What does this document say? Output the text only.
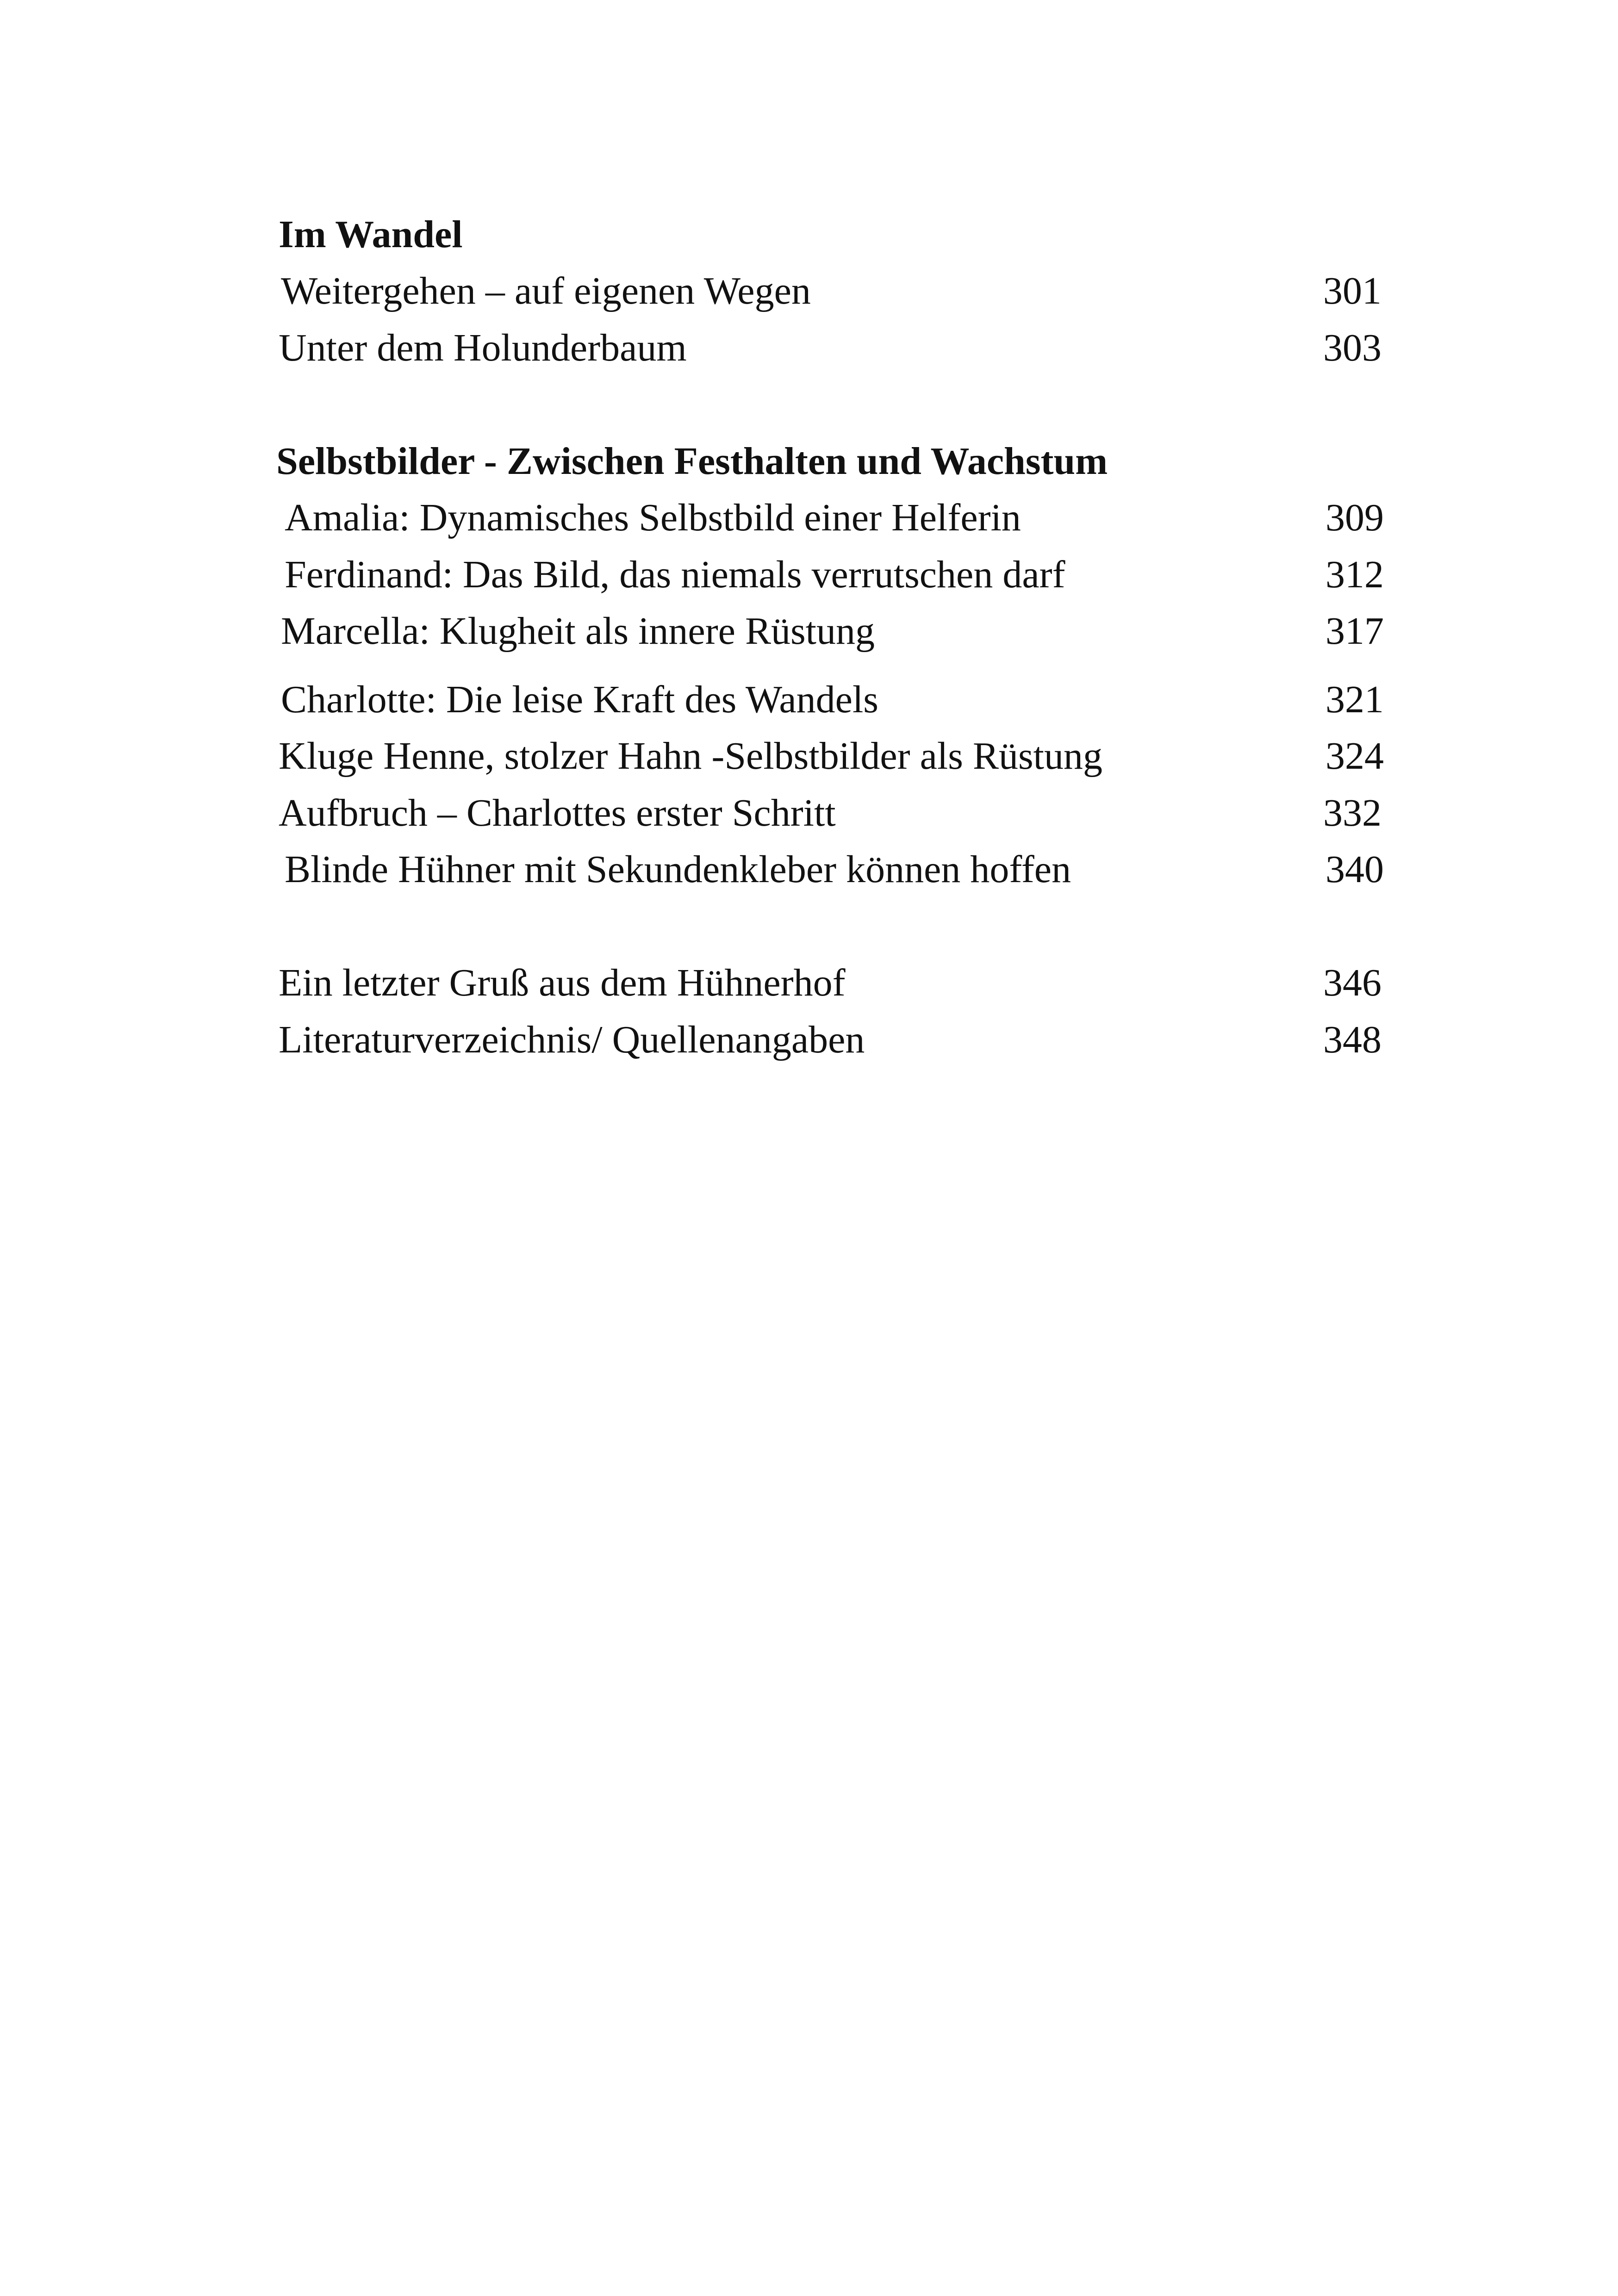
Im Wandel
Weitergehen – auf eigenen Wegen	301
Unter dem Holunderbaum	303
Selbstbilder - Zwischen Festhalten und Wachstum
Amalia: Dynamisches Selbstbild einer Helferin	309
Ferdinand: Das Bild, das niemals verrutschen darf	312
Marcella: Klugheit als innere Rüstung	317
Charlotte: Die leise Kraft des Wandels	321
Kluge Henne, stolzer Hahn -Selbstbilder als Rüstung	324
Aufbruch – Charlottes erster Schritt	332
Blinde Hühner mit Sekundenkleber können hoffen	340
Ein letzter Gruß aus dem Hühnerhof	346
Literaturverzeichnis/ Quellenangaben	348
